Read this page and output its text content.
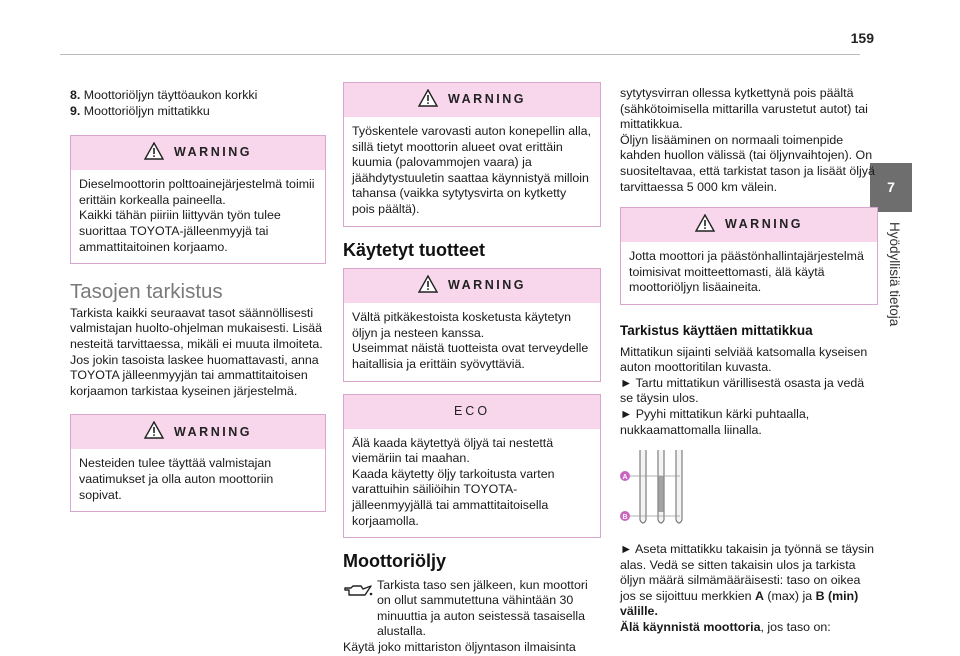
159
7
Hyödyllisiä tietoja

8. Moottoriöljyn täyttöaukon korkki

9. Moottoriöljyn mittatikku

WARNING

Dieselmoottorin polttoainejärjestelmä toimii erittäin korkealla paineella.

Kaikki tähän piiriin liittyvän työn tulee suorittaa TOYOTA-jälleenmyyjä tai ammattitaitoinen korjaamo.

Tasojen tarkistus

Tarkista kaikki seuraavat tasot säännöllisesti valmistajan huolto-ohjelman mukaisesti. Lisää nesteitä tarvittaessa, mikäli ei muuta ilmoiteta. Jos jokin tasoista laskee huomattavasti, anna TOYOTA jälleenmyyjän tai ammattitaitoisen korjaamon tarkistaa kyseinen järjestelmä.

WARNING

Nesteiden tulee täyttää valmistajan vaatimukset ja olla auton moottoriin sopivat.

WARNING

Työskentele varovasti auton konepellin alla, sillä tietyt moottorin alueet ovat erittäin kuumia (palovammojen vaara) ja jäähdytystuuletin saattaa käynnistyä milloin tahansa (vaikka sytytysvirta on kytketty pois päältä).

Käytetyt tuotteet
WARNING

Vältä pitkäkestoista kosketusta käytetyn öljyn ja nesteen kanssa.

Useimmat näistä tuotteista ovat terveydelle haitallisia ja erittäin syövyttäviä.

ECO

Älä kaada käytettyä öljyä tai nestettä viemäriin tai maahan.

Kaada käytetty öljy tarkoitusta varten varattuihin säiliöihin TOYOTA-jälleenmyyjällä tai ammattitaitoisella korjaamolla.

Moottoriöljy

Tarkista taso sen jälkeen, kun moottori on ollut sammutettuna vähintään 30 minuuttia ja auton seistessä tasaisella alustalla.

Käytä joko mittariston öljyntason ilmaisinta

sytytysvirran ollessa kytkettynä pois päältä (sähkötoimisella mittarilla varustetut autot) tai mittatikkua.

Öljyn lisääminen on normaali toimenpide kahden huollon välissä (tai öljynvaihtojen). On suositeltavaa, että tarkistat tason ja lisäät öljyä tarvittaessa 5 000 km välein.

WARNING

Jotta moottori ja päästönhallintajärjestelmä toimisivat moitteettomasti, älä käytä moottoriöljyn lisäaineita.

Tarkistus käyttäen mittatikkua

Mittatikun sijainti selviää katsomalla kyseisen auton moottoritilan kuvasta.

► Tartu mittatikun värillisestä osasta ja vedä se täysin ulos.

► Pyyhi mittatikun kärki puhtaalla, nukkaamattomalla liinalla.

A
B

► Aseta mittatikku takaisin ja työnnä se täysin alas. Vedä se sitten takaisin ulos ja tarkista öljyn määrä silmämääräisesti: taso on oikea jos se sijoittuu merkkien A (max) ja B (min) välille.
Älä käynnistä moottoria, jos taso on:
